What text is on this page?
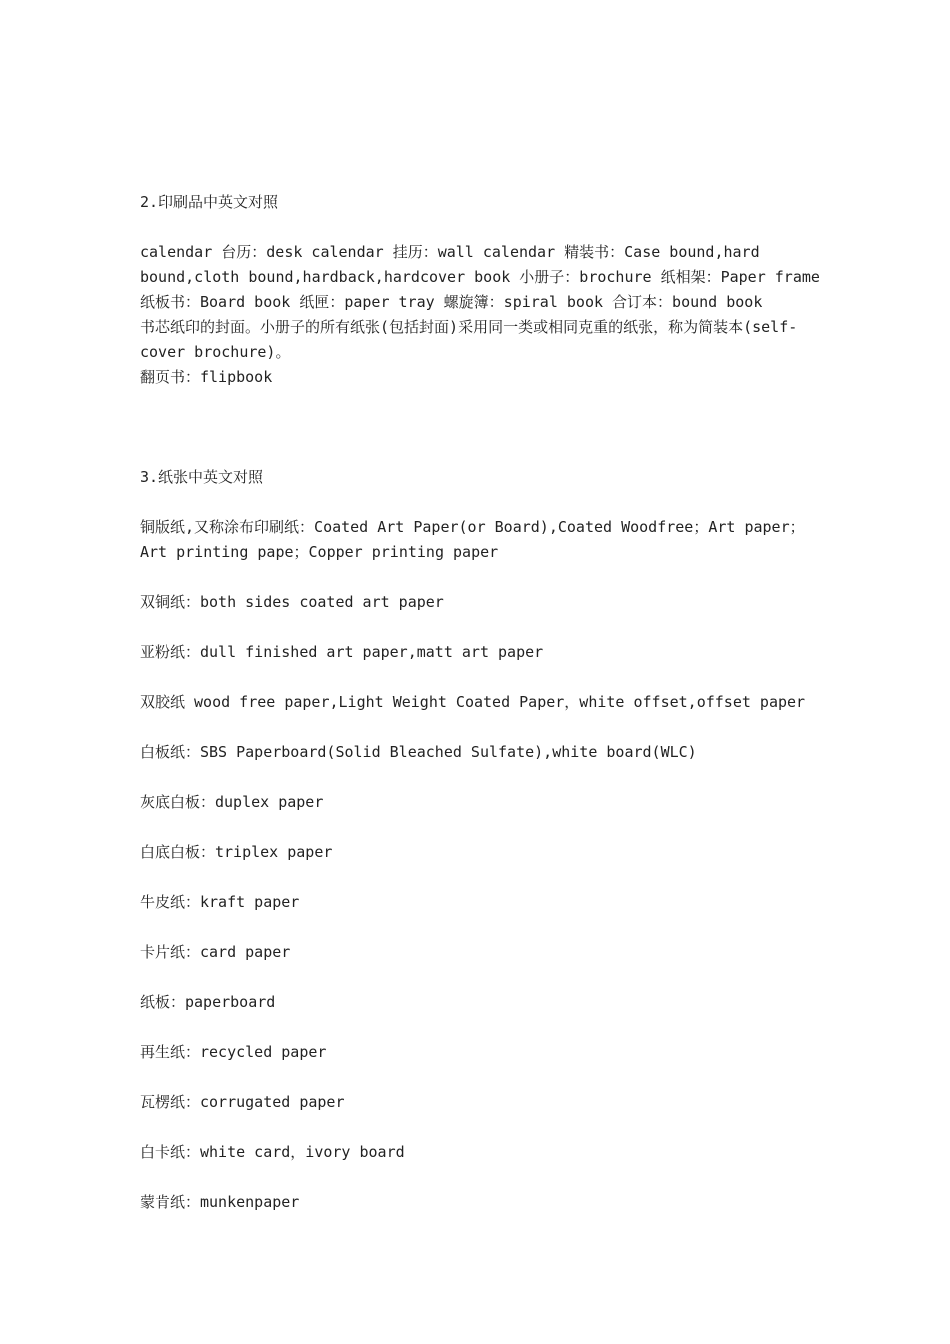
2.印刷品中英文对照

calendar 台历：desk calendar 挂历：wall calendar 精装书：Case bound,hard bound,cloth bound,hardback,hardcover book 小册子：brochure 纸相架：Paper frame 纸板书：Board book 纸匣：paper tray 螺旋簿：spiral book 合订本：bound book

书芯纸印的封面。小册子的所有纸张(包括封面)采用同一类或相同克重的纸张，称为简装本(self-cover brochure)。

翻页书：flipbook

3.纸张中英文对照

铜版纸,又称涂布印刷纸：Coated Art Paper(or Board),Coated Woodfree；Art paper；Art printing pape；Copper printing paper

双铜纸：both sides coated art paper

亚粉纸：dull finished art paper,matt art paper

双胶纸 wood free paper,Light Weight Coated Paper，white offset,offset paper

白板纸：SBS Paperboard(Solid Bleached Sulfate),white board(WLC)

灰底白板：duplex paper

白底白板：triplex paper

牛皮纸：kraft paper

卡片纸：card paper

纸板：paperboard

再生纸：recycled paper

瓦楞纸：corrugated paper

白卡纸：white card，ivory board

蒙肯纸：munkenpaper
